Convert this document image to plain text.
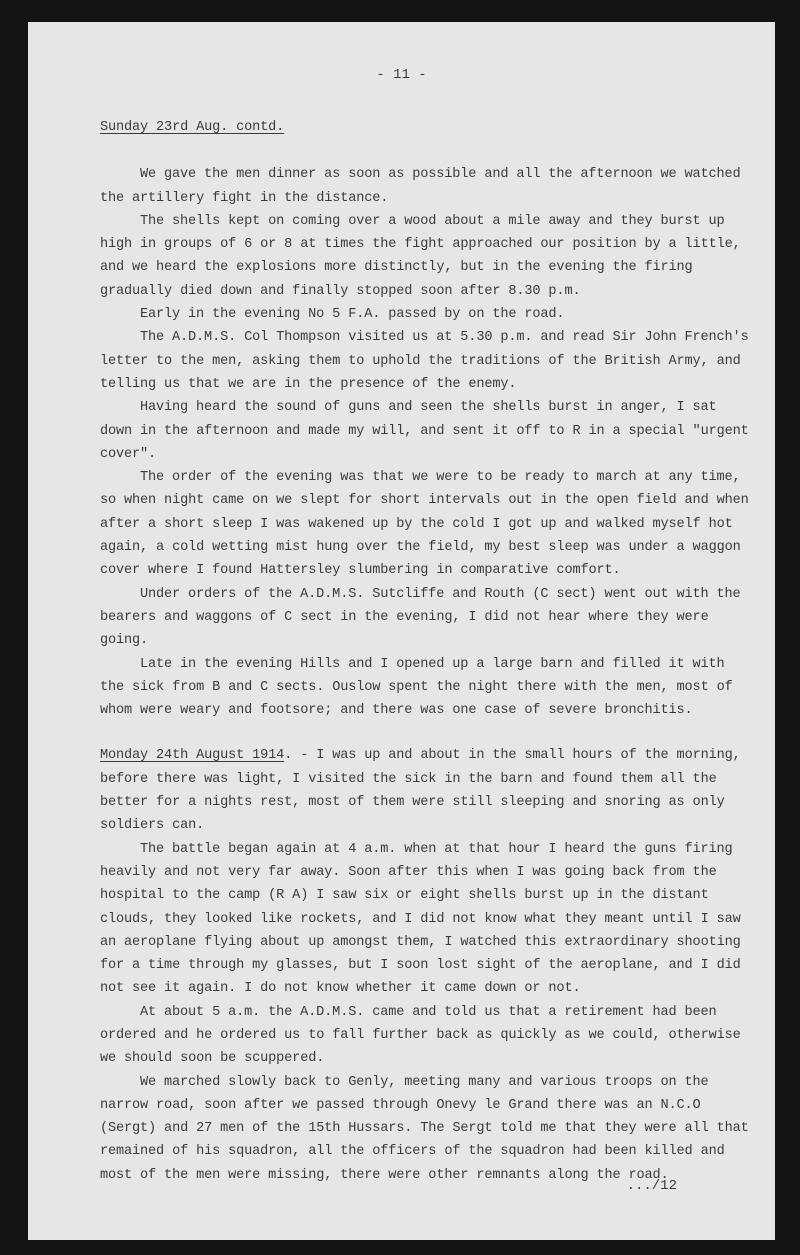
- 11 -
Sunday 23rd Aug. contd.

We gave the men dinner as soon as possible and all the afternoon we watched the artillery fight in the distance.

The shells kept on coming over a wood about a mile away and they burst up high in groups of 6 or 8 at times the fight approached our position by a little, and we heard the explosions more distinctly, but in the evening the firing gradually died down and finally stopped soon after 8.30 p.m.

Early in the evening No 5 F.A. passed by on the road.

The A.D.M.S. Col Thompson visited us at 5.30 p.m. and read Sir John French's letter to the men, asking them to uphold the traditions of the British Army, and telling us that we are in the presence of the enemy.

Having heard the sound of guns and seen the shells burst in anger, I sat down in the afternoon and made my will, and sent it off to R in a special "urgent cover".

The order of the evening was that we were to be ready to march at any time, so when night came on we slept for short intervals out in the open field and when after a short sleep I was wakened up by the cold I got up and walked myself hot again, a cold wetting mist hung over the field, my best sleep was under a waggon cover where I found Hattersley slumbering in comparative comfort.

Under orders of the A.D.M.S. Sutcliffe and Routh (C sect) went out with the bearers and waggons of C sect in the evening, I did not hear where they were going.

Late in the evening Hills and I opened up a large barn and filled it with the sick from B and C sects. Ouslow spent the night there with the men, most of whom were weary and footsore; and there was one case of severe bronchitis.

Monday 24th August 1914. - I was up and about in the small hours of the morning, before there was light, I visited the sick in the barn and found them all the better for a nights rest, most of them were still sleeping and snoring as only soldiers can.

The battle began again at 4 a.m. when at that hour I heard the guns firing heavily and not very far away. Soon after this when I was going back from the hospital to the camp (R A) I saw six or eight shells burst up in the distant clouds, they looked like rockets, and I did not know what they meant until I saw an aeroplane flying about up amongst them, I watched this extraordinary shooting for a time through my glasses, but I soon lost sight of the aeroplane, and I did not see it again. I do not know whether it came down or not.

At about 5 a.m. the A.D.M.S. came and told us that a retirement had been ordered and he ordered us to fall further back as quickly as we could, otherwise we should soon be scuppered.

We marched slowly back to Genly, meeting many and various troops on the narrow road, soon after we passed through Onevy le Grand there was an N.C.O (Sergt) and 27 men of the 15th Hussars. The Sergt told me that they were all that remained of his squadron, all the officers of the squadron had been killed and most of the men were missing, there were other remnants along the road.

.../12
